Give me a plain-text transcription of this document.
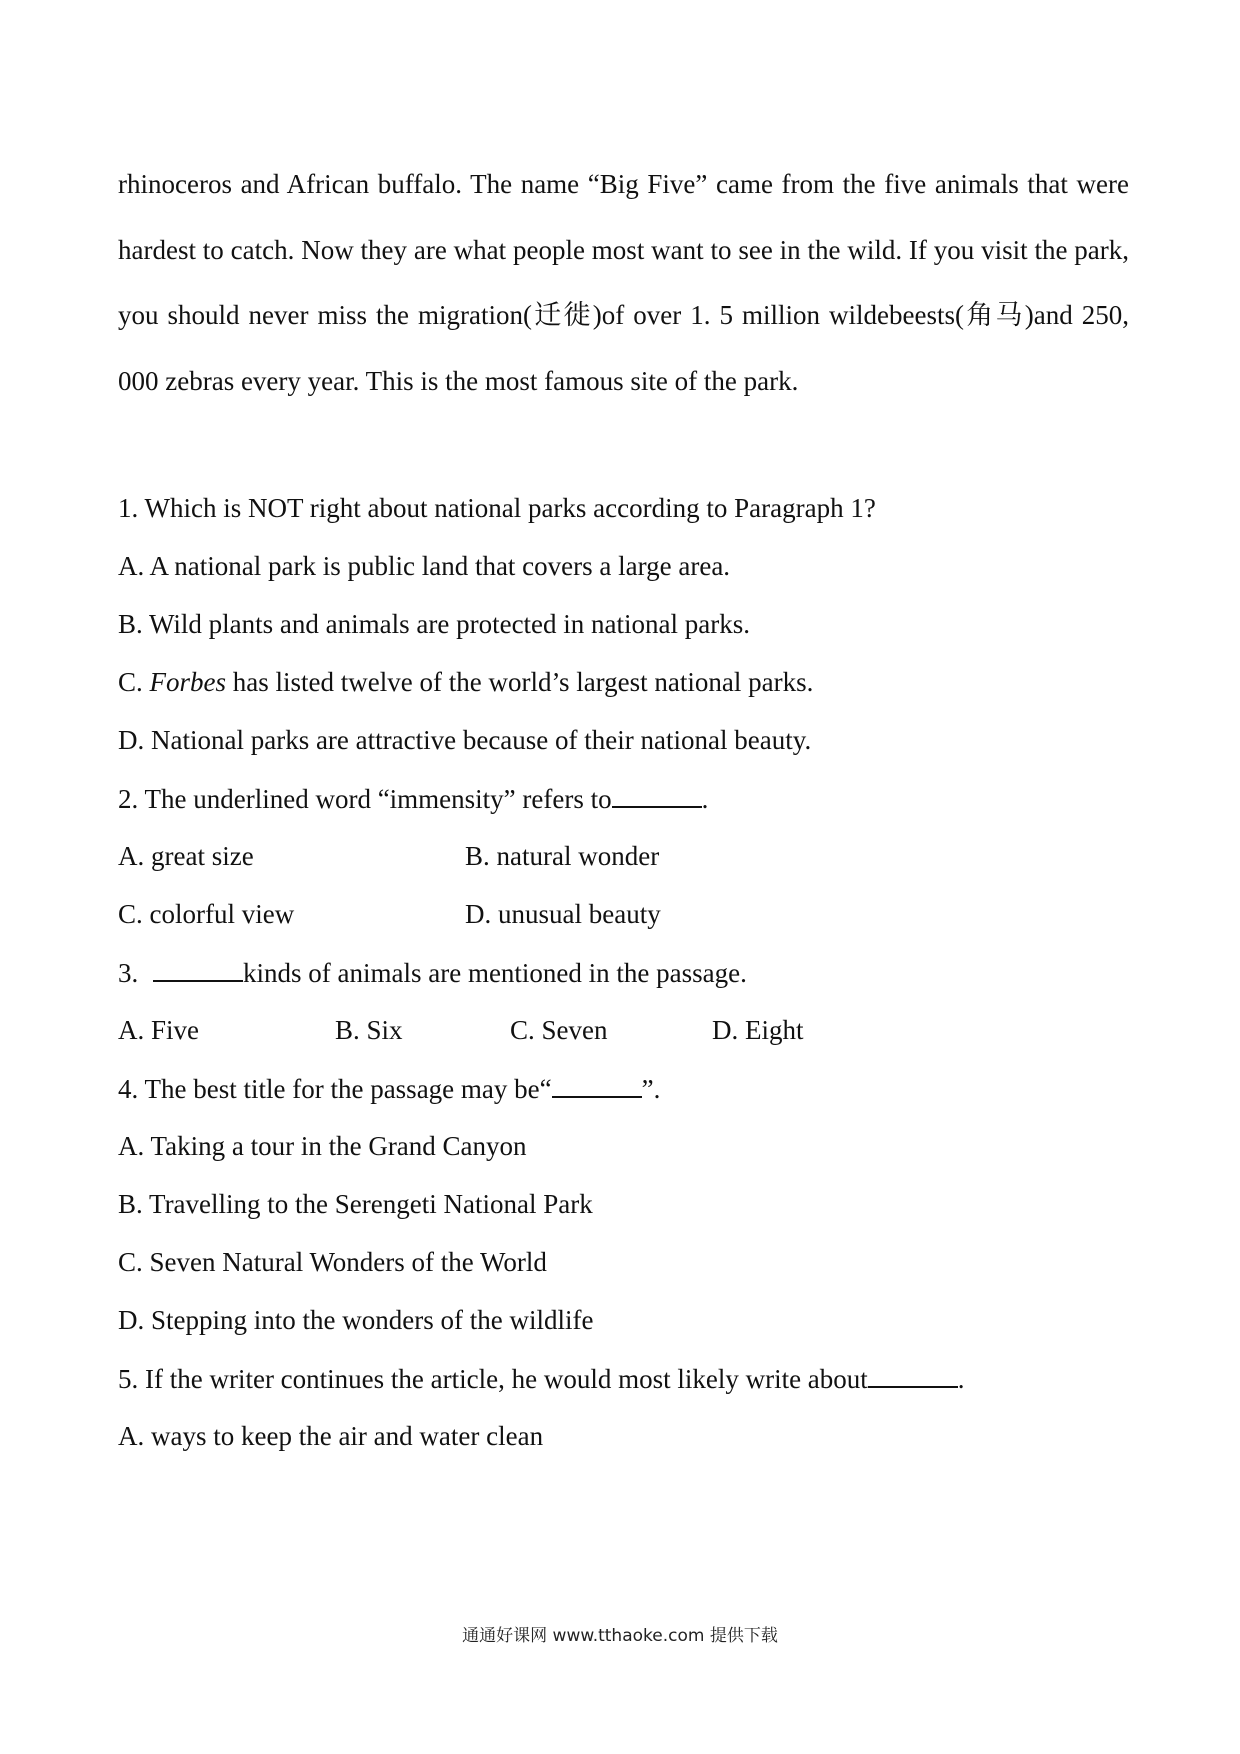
rhinoceros and African buffalo. The name “Big Five” came from the five animals that were hardest to catch. Now they are what people most want to see in the wild. If you visit the park, you should never miss the migration(迁徙)of over 1. 5 million wildebeests(角马)and 250, 000 zebras every year. This is the most famous site of the park.

1. Which is NOT right about national parks according to Paragraph 1?

A. A national park is public land that covers a large area.

B. Wild plants and animals are protected in national parks.

C. Forbes has listed twelve of the world’s largest national parks.

D. National parks are attractive because of their national beauty.

2. The underlined word “immensity” refers to	.

A. great size	B. natural wonder
C. colorful view	D. unusual beauty

3.	kinds of animals are mentioned in the passage.

A. Five	B. Six	C. Seven	D. Eight

4. The best title for the passage may be“	”.

A. Taking a tour in the Grand Canyon

B. Travelling to the Serengeti National Park

C. Seven Natural Wonders of the World

D. Stepping into the wonders of the wildlife

5. If the writer continues the article, he would most likely write about	.

A. ways to keep the air and water clean

通通好课网 www.tthaoke.com 提供下载
